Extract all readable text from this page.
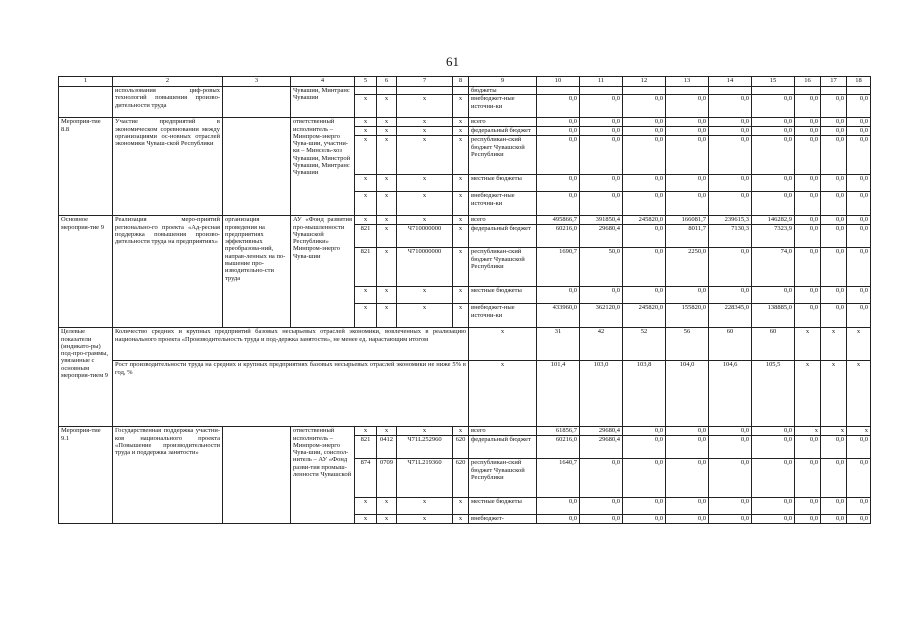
61
1	2	3	4	5	6	7	8	9	10	11	12	13	14	15	16	17	18
	использования циф-ровых технологий повышения произво-дительности труда		Чувашии, Минтранс Чувашии					бюджеты									
				x	x	x	x	внебюджет-ные источни-ки	0,0	0,0	0,0	0,0	0,0	0,0	0,0	0,0	0,0
Мероприя-тие 8.8	Участие предприятий в экономическом соревновании между организациями ос-новных отраслей экономики Чуваш-ской Республики		ответственный исполнитель – Минпром-энерго Чува-шии, участни-ки – Минсель-хоз Чувашии, Минстрой Чувашии, Минтранс Чувашии	x	x	x	x	всего	0,0	0,0	0,0	0,0	0,0	0,0	0,0	0,0	0,0
				x	x	x	x	федеральный бюджет	0,0	0,0	0,0	0,0	0,0	0,0	0,0	0,0	0,0
				x	x	x	x	республикан-ский бюджет Чувашской Республики	0,0	0,0	0,0	0,0	0,0	0,0	0,0	0,0	0,0
				x	x	x	x	местные бюджеты	0,0	0,0	0,0	0,0	0,0	0,0	0,0	0,0	0,0
				x	x	x	x	внебюджет-ные источни-ки	0,0	0,0	0,0	0,0	0,0	0,0	0,0	0,0	0,0
Основное мероприя-тие 9	Реализация меро-приятий регионально-го проекта «Ад-ресная поддержка повышения произво-дительности труда на предприятиях»	организация проведения на предприятиях эффективных преобразова-ний, направ-ленных на по-вышение про-изводительно-сти труда	АУ «Фонд развития про-мышленности Чувашской Республики» Минпром-энерго Чува-шии	x	x	x	x	всего	495866,7	391850,4	245820,0	166081,7	239615,3	146282,9	0,0	0,0	0,0
				821	x	Ч710000000	x	федеральный бюджет	60216,0	29680,4	0,0	8011,7	7130,3	7323,9	0,0	0,0	0,0
				821	x	Ч710000000	x	республикан-ский бюджет Чувашской Республики	1690,7	50,0	0,0	2250,0	0,0	74,0	0,0	0,0	0,0
				x	x	x	x	местные бюджеты	0,0	0,0	0,0	0,0	0,0	0,0	0,0	0,0	0,0
				x	x	x	x	внебюджет-ные источни-ки	433960,0	362120,0	245820,0	155820,0	228345,0	138885,0	0,0	0,0	0,0
Целевые показатели (индикато-ры) под-про-граммы, увязанные с основным мероприя-тием 9	Количество средних и крупных предприятий базовых несырьевых отраслей экономики, вовлеченных в реализацию национального проекта «Производительность труда и под-держка занятости», не менее ед. нарастающим итогом							x	31	42	52	56	60	60	x	x	x
	Рост производительности труда на средних и крупных предприятиях базовых несырьевых отраслей экономики не ниже 5% в год, %							x	101,4	103,0	103,8	104,0	104,6	105,5	x	x	x
Мероприя-тие 9.1	Государственная поддержка участни-ков национального проекта «Повышение производительности труда и поддержка занятости»		ответственный исполнитель – Минпром-энерго Чува-шии, соиспол-нитель – АУ «Фонд разви-тия промыш-ленности Чувашской	x	x	x	x	всего	61856,7	29680,4	0,0	0,0	0,0	0,0	x	x	x
				821	0412	Ч71L252960	620	федеральный бюджет	60216,0	29680,4	0,0	0,0	0,0	0,0	0,0	0,0	0,0
				874	0709	Ч71L219360	620	республикан-ский бюджет Чувашской Республики	1640,7	0,0	0,0	0,0	0,0	0,0	0,0	0,0	0,0
				x	x	x	x	местные бюджеты	0,0	0,0	0,0	0,0	0,0	0,0	0,0	0,0	0,0
				x	x	x	x	внебюджет-	0,0	0,0	0,0	0,0	0,0	0,0	0,0	0,0	0,0
